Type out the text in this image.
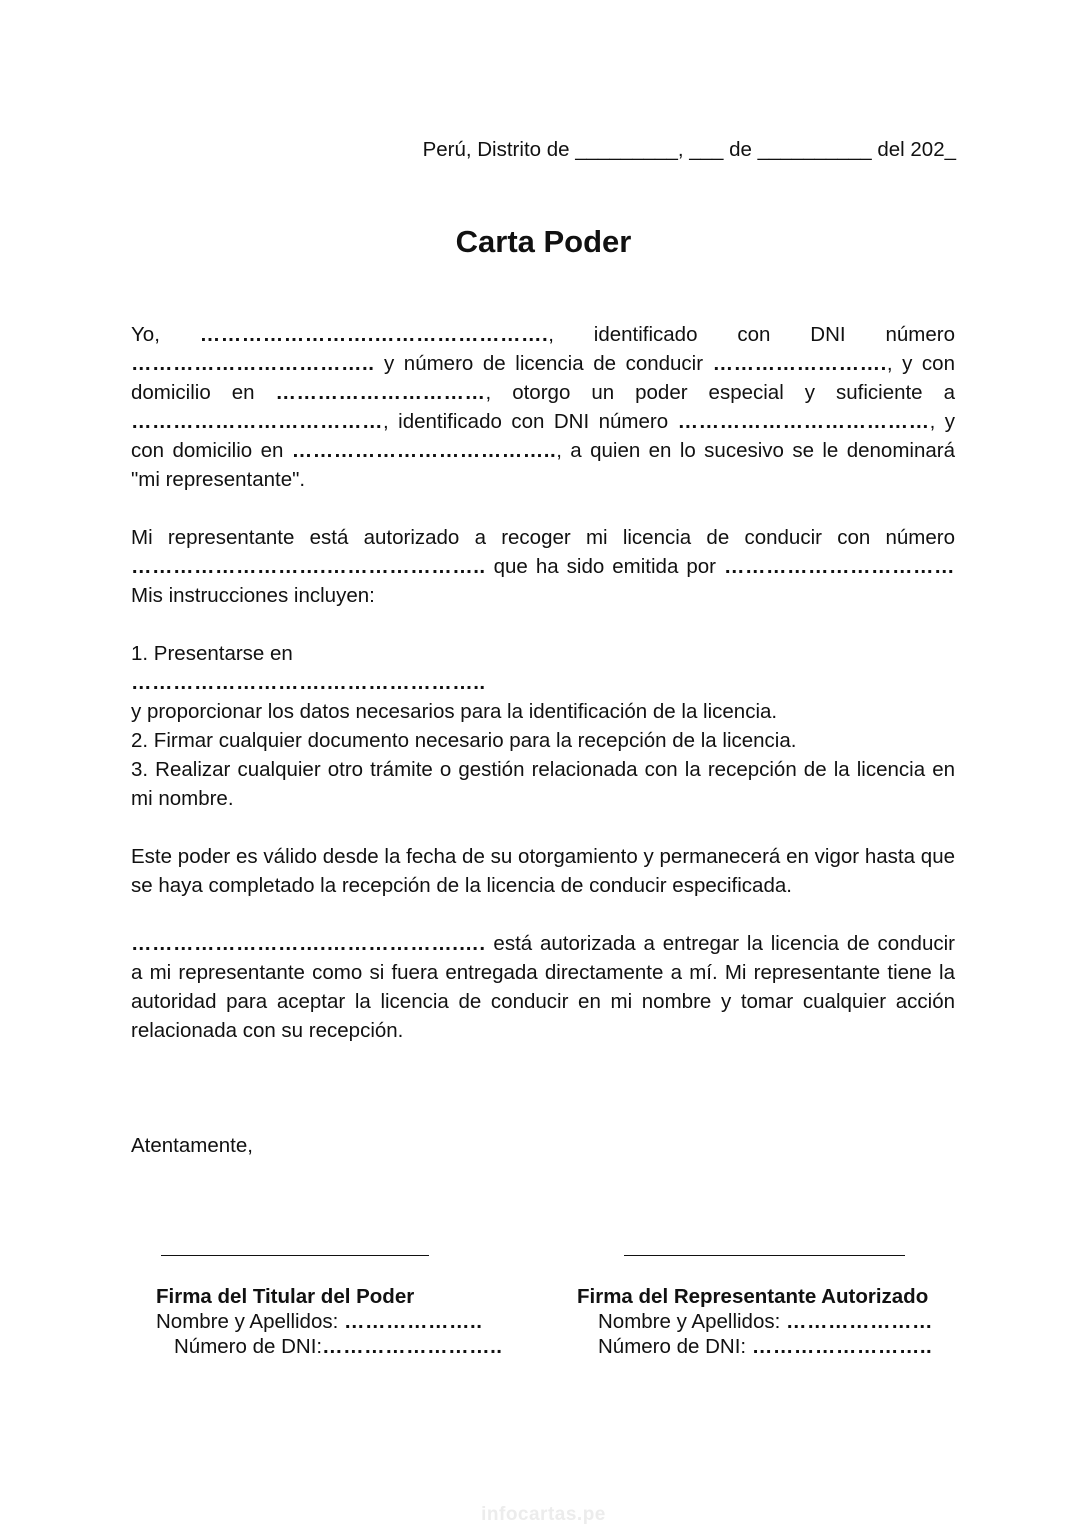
Perú, Distrito de _________, ___ de __________ del 202_
Carta Poder

Yo, …………………….……………………., identificado con DNI número …………………………….. y número de licencia de conducir ……………………., y con domicilio en …………………………, otorgo un poder especial y suficiente a ………………………………, identificado con DNI número ………………………………, y con domicilio en ……………………………….., a quien en lo sucesivo se le denominará "mi representante".

Mi representante está autorizado a recoger mi licencia de conducir con número ……………………….………………….. que ha sido emitida por …………………………… Mis instrucciones incluyen:

1. Presentarse en
……………………….…………………..
y proporcionar los datos necesarios para la identificación de la licencia.
2. Firmar cualquier documento necesario para la recepción de la licencia.
3. Realizar cualquier otro trámite o gestión relacionada con la recepción de la licencia en mi nombre.

Este poder es válido desde la fecha de su otorgamiento y permanecerá en vigor hasta que se haya completado la recepción de la licencia de conducir especificada.

……………………….……………….…. está autorizada a entregar la licencia de conducir a mi representante como si fuera entregada directamente a mí. Mi representante tiene la autoridad para aceptar la licencia de conducir en mi nombre y tomar cualquier acción relacionada con su recepción.

Atentamente,
Firma del Titular del Poder
Nombre y Apellidos: ………………..
Número de DNI:……………………..
Firma del Representante Autorizado
Nombre y Apellidos: …………………
Número de DNI: ……………………..
infocartas.pe
